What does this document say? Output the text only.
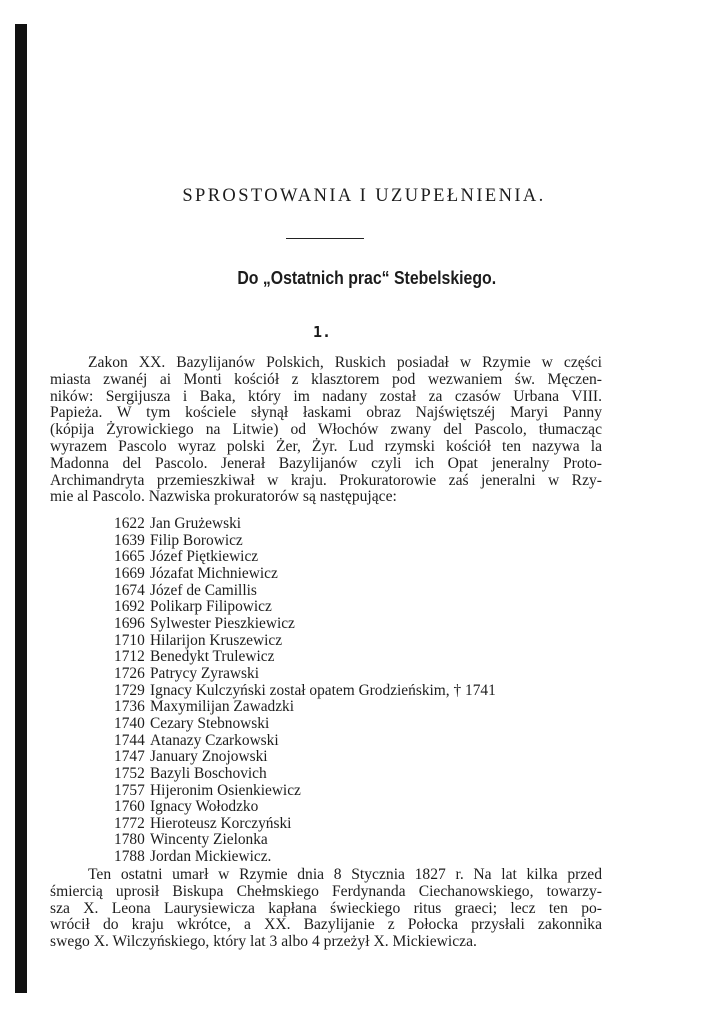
SPROSTOWANIA I UZUPEŁNIENIA.
Do „Ostatnich prac“ Stebelskiego.
1.

Zakon XX. Bazylijanów Polskich, Ruskich posiadał w Rzymie w części
miasta zwanéj ai Monti kościół z klasztorem pod wezwaniem św. Męczen-
ników: Sergijusza i Baka, który im nadany został za czasów Urbana VIII.
Papieża. W tym kościele słynął łaskami obraz Najświętszéj Maryi Panny
(kópija Żyrowickiego na Litwie) od Włochów zwany del Pascolo, tłumacząc
wyrazem Pascolo wyraz polski Żer, Żyr. Lud rzymski kościół ten nazywa la
Madonna del Pascolo. Jenerał Bazylijanów czyli ich Opat jeneralny Proto-
Archimandryta przemieszkiwał w kraju. Prokuratorowie zaś jeneralni w Rzy-
mie al Pascolo. Nazwiska prokuratorów są następujące:

1622 Jan Grużewski
1639 Filip Borowicz
1665 Józef Piętkiewicz
1669 Józafat Michniewicz
1674 Józef de Camillis
1692 Polikarp Filipowicz
1696 Sylwester Pieszkiewicz
1710 Hilarijon Kruszewicz
1712 Benedykt Trulewicz
1726 Patrycy Zyrawski
1729 Ignacy Kulczyński został opatem Grodzieńskim, † 1741
1736 Maxymilijan Zawadzki
1740 Cezary Stebnowski
1744 Atanazy Czarkowski
1747 January Znojowski
1752 Bazyli Boschovich
1757 Hijeronim Osienkiewicz
1760 Ignacy Wołodzko
1772 Hieroteusz Korczyński
1780 Wincenty Zielonka
1788 Jordan Mickiewicz.

Ten ostatni umarł w Rzymie dnia 8 Stycznia 1827 r. Na lat kilka przed
śmiercią uprosił Biskupa Chełmskiego Ferdynanda Ciechanowskiego, towarzy-
sza X. Leona Laurysiewicza kapłana świeckiego ritus graeci; lecz ten po-
wrócił do kraju wkrótce, a XX. Bazylijanie z Połocka przysłali zakonnika
swego X. Wilczyńskiego, który lat 3 albo 4 przeżył X. Mickiewicza.
